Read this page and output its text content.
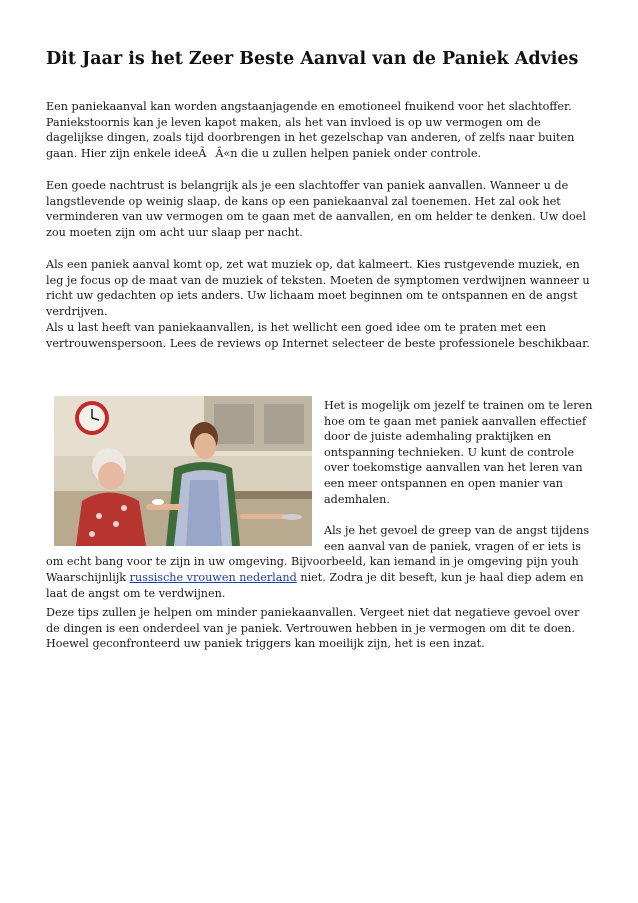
Dit Jaar is het Zeer Beste Aanval van de Paniek Advies

Een paniekaanval kan worden angstaanjagende en emotioneel fnuikend voor het slachtoffer. Paniekstoornis kan je leven kapot maken, als het van invloed is op uw vermogen om de dagelijkse dingen, zoals tijd doorbrengen in het gezelschap van anderen, of zelfs naar buiten gaan. Hier zijn enkele ideeÃÂ«n die u zullen helpen paniek onder controle.

Een goede nachtrust is belangrijk als je een slachtoffer van paniek aanvallen. Wanneer u de langstlevende op weinig slaap, de kans op een paniekaanval zal toenemen. Het zal ook het verminderen van uw vermogen om te gaan met de aanvallen, en om helder te denken. Uw doel zou moeten zijn om acht uur slaap per nacht.

Als een paniek aanval komt op, zet wat muziek op, dat kalmeert. Kies rustgevende muziek, en leg je focus op de maat van de muziek of teksten. Moeten de symptomen verdwijnen wanneer u richt uw gedachten op iets anders. Uw lichaam moet beginnen om te ontspannen en de angst verdrijven.

Als u last heeft van paniekaanvallen, is het wellicht een goed idee om te praten met een vertrouwenspersoon. Lees de reviews op Internet selecteer de beste professionele beschikbaar.

Het is mogelijk om jezelf te trainen om te leren hoe om te gaan met paniek aanvallen effectief door de juiste ademhaling praktijken en ontspanning technieken. U kunt de controle over toekomstige aanvallen van het leren van een meer ontspannen en open manier van ademhalen.
Als je het gevoel de greep van de angst tijdens een aanval van de paniek, vragen of er iets is om echt bang voor te zijn in uw omgeving. Bijvoorbeeld, kan iemand in je omgeving pijn youh Waarschijnlijk russische vrouwen nederland niet. Zodra je dit beseft, kun je haal diep adem en laat de angst om te verdwijnen.

Deze tips zullen je helpen om minder paniekaanvallen. Vergeet niet dat negatieve gevoel over de dingen is een onderdeel van je paniek. Vertrouwen hebben in je vermogen om dit te doen. Hoewel geconfronteerd uw paniek triggers kan moeilijk zijn, het is een inzat.
